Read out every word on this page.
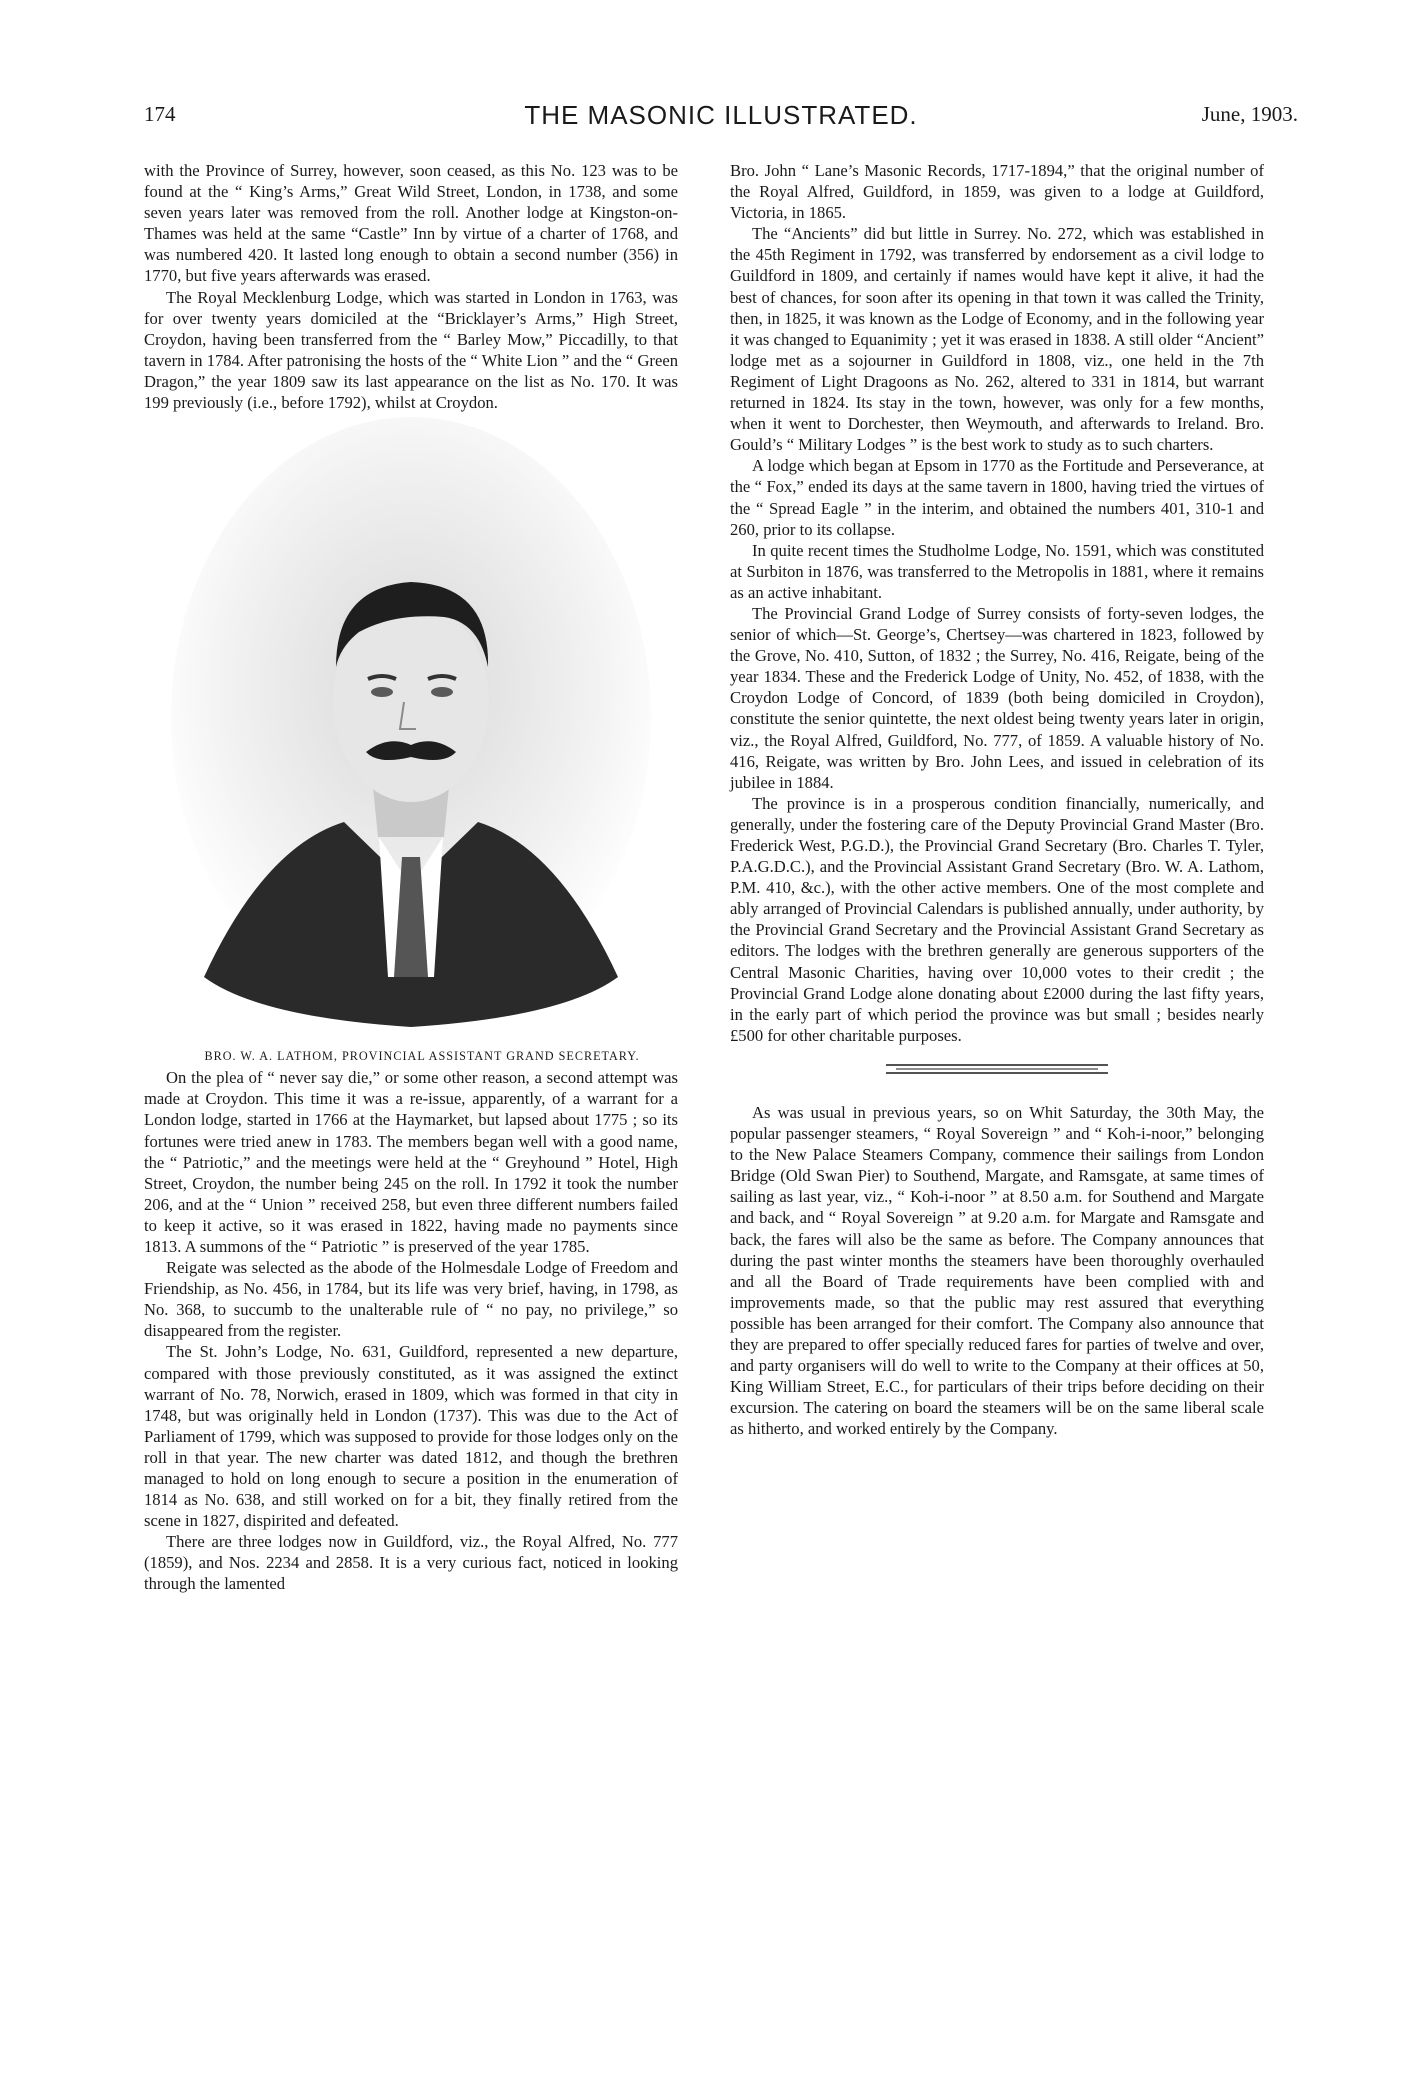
174	THE MASONIC ILLUSTRATED.	June, 1903.

with the Province of Surrey, however, soon ceased, as this No. 123 was to be found at the “ King’s Arms,” Great Wild Street, London, in 1738, and some seven years later was removed from the roll. Another lodge at Kingston-on-Thames was held at the same “Castle” Inn by virtue of a charter of 1768, and was numbered 420. It lasted long enough to obtain a second number (356) in 1770, but five years afterwards was erased.

The Royal Mecklenburg Lodge, which was started in London in 1763, was for over twenty years domiciled at the “Bricklayer’s Arms,” High Street, Croydon, having been transferred from the “ Barley Mow,” Piccadilly, to that tavern in 1784. After patronising the hosts of the “ White Lion ” and the “ Green Dragon,” the year 1809 saw its last appearance on the list as No. 170. It was 199 previously (i.e., before 1792), whilst at Croydon.

BRO. W. A. LATHOM, PROVINCIAL ASSISTANT GRAND SECRETARY.

On the plea of “ never say die,” or some other reason, a second attempt was made at Croydon. This time it was a re-issue, apparently, of a warrant for a London lodge, started in 1766 at the Haymarket, but lapsed about 1775 ; so its fortunes were tried anew in 1783. The members began well with a good name, the “ Patriotic,” and the meetings were held at the “ Greyhound ” Hotel, High Street, Croydon, the number being 245 on the roll. In 1792 it took the number 206, and at the “ Union ” received 258, but even three different numbers failed to keep it active, so it was erased in 1822, having made no payments since 1813. A summons of the “ Patriotic ” is preserved of the year 1785.

Reigate was selected as the abode of the Holmesdale Lodge of Freedom and Friendship, as No. 456, in 1784, but its life was very brief, having, in 1798, as No. 368, to succumb to the unalterable rule of “ no pay, no privilege,” so disappeared from the register.

The St. John’s Lodge, No. 631, Guildford, represented a new departure, compared with those previously constituted, as it was assigned the extinct warrant of No. 78, Norwich, erased in 1809, which was formed in that city in 1748, but was originally held in London (1737). This was due to the Act of Parliament of 1799, which was supposed to provide for those lodges only on the roll in that year. The new charter was dated 1812, and though the brethren managed to hold on long enough to secure a position in the enumeration of 1814 as No. 638, and still worked on for a bit, they finally retired from the scene in 1827, dispirited and defeated.

There are three lodges now in Guildford, viz., the Royal Alfred, No. 777 (1859), and Nos. 2234 and 2858. It is a very curious fact, noticed in looking through the lamented

Bro. John “ Lane’s Masonic Records, 1717-1894,” that the original number of the Royal Alfred, Guildford, in 1859, was given to a lodge at Guildford, Victoria, in 1865.

The “Ancients” did but little in Surrey. No. 272, which was established in the 45th Regiment in 1792, was transferred by endorsement as a civil lodge to Guildford in 1809, and certainly if names would have kept it alive, it had the best of chances, for soon after its opening in that town it was called the Trinity, then, in 1825, it was known as the Lodge of Economy, and in the following year it was changed to Equanimity ; yet it was erased in 1838. A still older “Ancient” lodge met as a sojourner in Guildford in 1808, viz., one held in the 7th Regiment of Light Dragoons as No. 262, altered to 331 in 1814, but warrant returned in 1824. Its stay in the town, however, was only for a few months, when it went to Dorchester, then Weymouth, and afterwards to Ireland. Bro. Gould’s “ Military Lodges ” is the best work to study as to such charters.

A lodge which began at Epsom in 1770 as the Fortitude and Perseverance, at the “ Fox,” ended its days at the same tavern in 1800, having tried the virtues of the “ Spread Eagle ” in the interim, and obtained the numbers 401, 310-1 and 260, prior to its collapse.

In quite recent times the Studholme Lodge, No. 1591, which was constituted at Surbiton in 1876, was transferred to the Metropolis in 1881, where it remains as an active inhabitant.

The Provincial Grand Lodge of Surrey consists of forty-seven lodges, the senior of which—St. George’s, Chertsey—was chartered in 1823, followed by the Grove, No. 410, Sutton, of 1832 ; the Surrey, No. 416, Reigate, being of the year 1834. These and the Frederick Lodge of Unity, No. 452, of 1838, with the Croydon Lodge of Concord, of 1839 (both being domiciled in Croydon), constitute the senior quintette, the next oldest being twenty years later in origin, viz., the Royal Alfred, Guildford, No. 777, of 1859. A valuable history of No. 416, Reigate, was written by Bro. John Lees, and issued in celebration of its jubilee in 1884.

The province is in a prosperous condition financially, numerically, and generally, under the fostering care of the Deputy Provincial Grand Master (Bro. Frederick West, P.G.D.), the Provincial Grand Secretary (Bro. Charles T. Tyler, P.A.G.D.C.), and the Provincial Assistant Grand Secretary (Bro. W. A. Lathom, P.M. 410, &c.), with the other active members. One of the most complete and ably arranged of Provincial Calendars is published annually, under authority, by the Provincial Grand Secretary and the Provincial Assistant Grand Secretary as editors. The lodges with the brethren generally are generous supporters of the Central Masonic Charities, having over 10,000 votes to their credit ; the Provincial Grand Lodge alone donating about £2000 during the last fifty years, in the early part of which period the province was but small ; besides nearly £500 for other charitable purposes.

As was usual in previous years, so on Whit Saturday, the 30th May, the popular passenger steamers, “ Royal Sovereign ” and “ Koh-i-noor,” belonging to the New Palace Steamers Company, commence their sailings from London Bridge (Old Swan Pier) to Southend, Margate, and Ramsgate, at same times of sailing as last year, viz., “ Koh-i-noor ” at 8.50 a.m. for Southend and Margate and back, and “ Royal Sovereign ” at 9.20 a.m. for Margate and Ramsgate and back, the fares will also be the same as before. The Company announces that during the past winter months the steamers have been thoroughly overhauled and all the Board of Trade requirements have been complied with and improvements made, so that the public may rest assured that everything possible has been arranged for their comfort. The Company also announce that they are prepared to offer specially reduced fares for parties of twelve and over, and party organisers will do well to write to the Company at their offices at 50, King William Street, E.C., for particulars of their trips before deciding on their excursion. The catering on board the steamers will be on the same liberal scale as hitherto, and worked entirely by the Company.
